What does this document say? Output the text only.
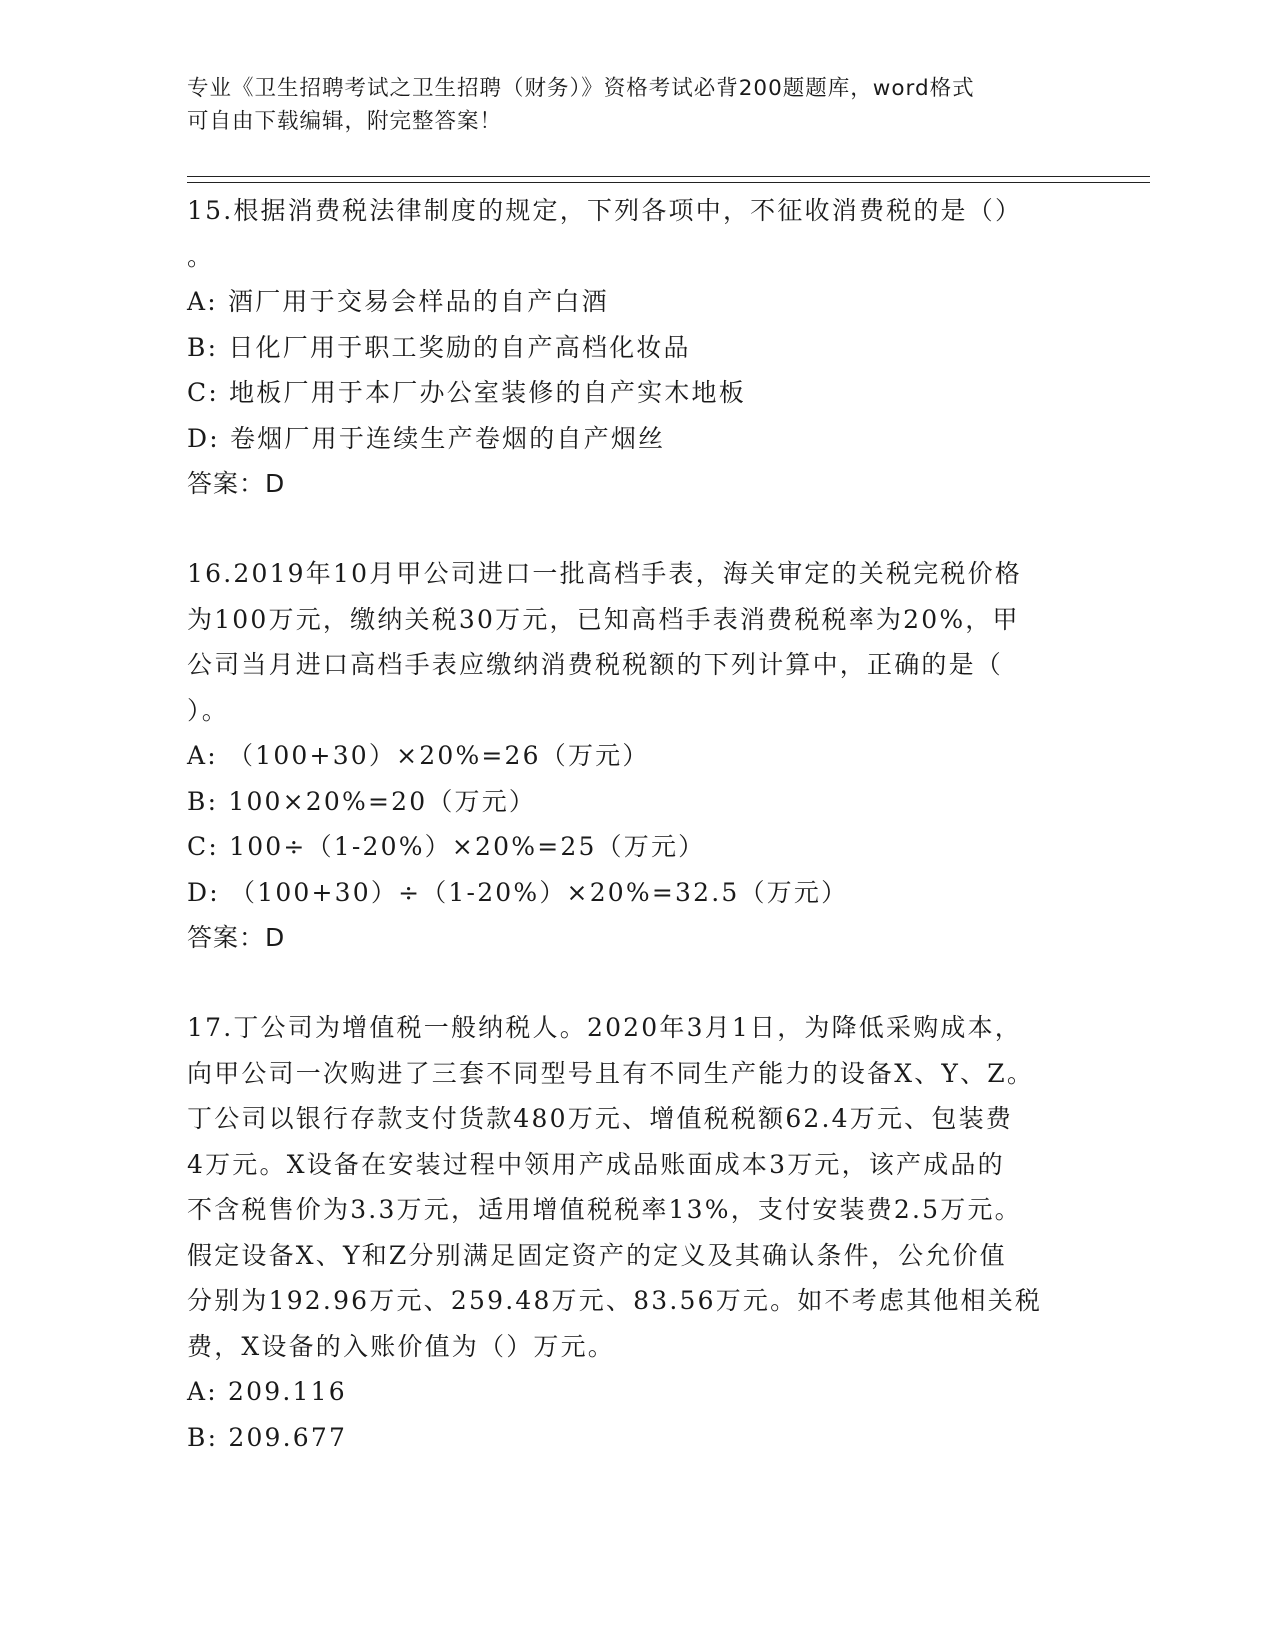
专业《卫生招聘考试之卫生招聘（财务）》资格考试必背200题题库，word格式
可自由下载编辑，附完整答案！
15.根据消费税法律制度的规定，下列各项中，不征收消费税的是（）
。
A: 酒厂用于交易会样品的自产白酒
B: 日化厂用于职工奖励的自产高档化妆品
C: 地板厂用于本厂办公室装修的自产实木地板
D: 卷烟厂用于连续生产卷烟的自产烟丝
答案：D
16.2019年10月甲公司进口一批高档手表，海关审定的关税完税价格
为100万元，缴纳关税30万元，已知高档手表消费税税率为20%，甲
公司当月进口高档手表应缴纳消费税税额的下列计算中，正确的是（
）。
A: （100+30）×20%=26（万元）
B: 100×20%=20（万元）
C: 100÷（1-20%）×20%=25（万元）
D: （100+30）÷（1-20%）×20%=32.5（万元）
答案：D
17.丁公司为增值税一般纳税人。2020年3月1日，为降低采购成本，
向甲公司一次购进了三套不同型号且有不同生产能力的设备X、Y、Z。
丁公司以银行存款支付货款480万元、增值税税额62.4万元、包装费
4万元。X设备在安装过程中领用产成品账面成本3万元，该产成品的
不含税售价为3.3万元，适用增值税税率13%，支付安装费2.5万元。
假定设备X、Y和Z分别满足固定资产的定义及其确认条件，公允价值
分别为192.96万元、259.48万元、83.56万元。如不考虑其他相关税
费，X设备的入账价值为（）万元。
A: 209.116
B: 209.677
